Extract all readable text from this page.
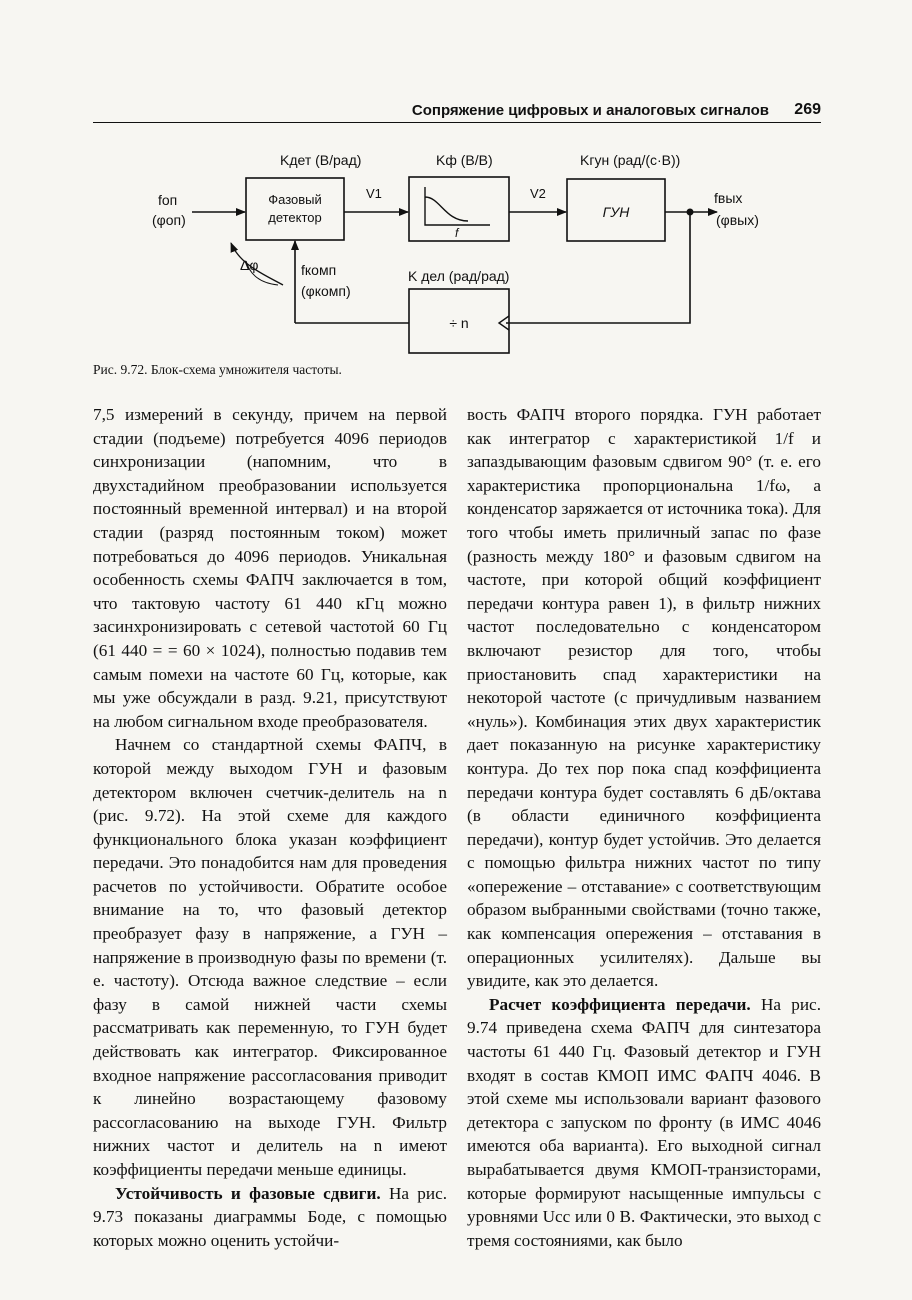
Сопряжение цифровых и аналоговых сигналов 269
Kдет (В/рад)	Kф (В/В)	Kгун (рад/(с·В))
fоп
(φоп)
Фазовый
детектор
V1
f
V2
ГУН
fвых
(φвых)
÷ n
K дел (рад/рад)
fкомп
(φкомп)
Δφ
Рис. 9.72. Блок-схема умножителя частоты.

7,5 измерений в секунду, причем на первой стадии (подъеме) потребуется 4096 периодов синхронизации (напомним, что в двухстадийном преобразовании используется постоянный временной интервал) и на второй стадии (разряд постоянным током) может потребоваться до 4096 периодов. Уникальная особенность схемы ФАПЧ заключается в том, что тактовую частоту 61 440 кГц можно засинхронизировать с сетевой частотой 60 Гц (61 440 = = 60 × 1024), полностью подавив тем самым помехи на частоте 60 Гц, которые, как мы уже обсуждали в разд. 9.21, присутствуют на любом сигнальном входе преобразователя.

Начнем со стандартной схемы ФАПЧ, в которой между выходом ГУН и фазовым детектором включен счетчик-делитель на n (рис. 9.72). На этой схеме для каждого функционального блока указан коэффициент передачи. Это понадобится нам для проведения расчетов по устойчивости. Обратите особое внимание на то, что фазовый детектор преобразует фазу в напряжение, а ГУН – напряжение в производную фазы по времени (т. е. частоту). Отсюда важное следствие – если фазу в самой нижней части схемы рассматривать как переменную, то ГУН будет действовать как интегратор. Фиксированное входное напряжение рассогласования приводит к линейно возрастающему фазовому рассогласованию на выходе ГУН. Фильтр нижних частот и делитель на n имеют коэффициенты передачи меньше единицы.

Устойчивость и фазовые сдвиги. На рис. 9.73 показаны диаграммы Боде, с помощью которых можно оценить устойчи-

вость ФАПЧ второго порядка. ГУН работает как интегратор с характеристикой 1/f и запаздывающим фазовым сдвигом 90° (т. е. его характеристика пропорциональна 1/fω, а конденсатор заряжается от источника тока). Для того чтобы иметь приличный запас по фазе (разность между 180° и фазовым сдвигом на частоте, при которой общий коэффициент передачи контура равен 1), в фильтр нижних частот последовательно с конденсатором включают резистор для того, чтобы приостановить спад характеристики на некоторой частоте (с причудливым названием «нуль»). Комбинация этих двух характеристик дает показанную на рисунке характеристику контура. До тех пор пока спад коэффициента передачи контура будет составлять 6 дБ/октава (в области единичного коэффициента передачи), контур будет устойчив. Это делается с помощью фильтра нижних частот по типу «опережение – отставание» с соответствующим образом выбранными свойствами (точно также, как компенсация опережения – отставания в операционных усилителях). Дальше вы увидите, как это делается.

Расчет коэффициента передачи. На рис. 9.74 приведена схема ФАПЧ для синтезатора частоты 61 440 Гц. Фазовый детектор и ГУН входят в состав КМОП ИМС ФАПЧ 4046. В этой схеме мы использовали вариант фазового детектора с запуском по фронту (в ИМС 4046 имеются оба варианта). Его выходной сигнал вырабатывается двумя КМОП-транзисторами, которые формируют насыщенные импульсы с уровнями Uсс или 0 В. Фактически, это выход с тремя состояниями, как было
